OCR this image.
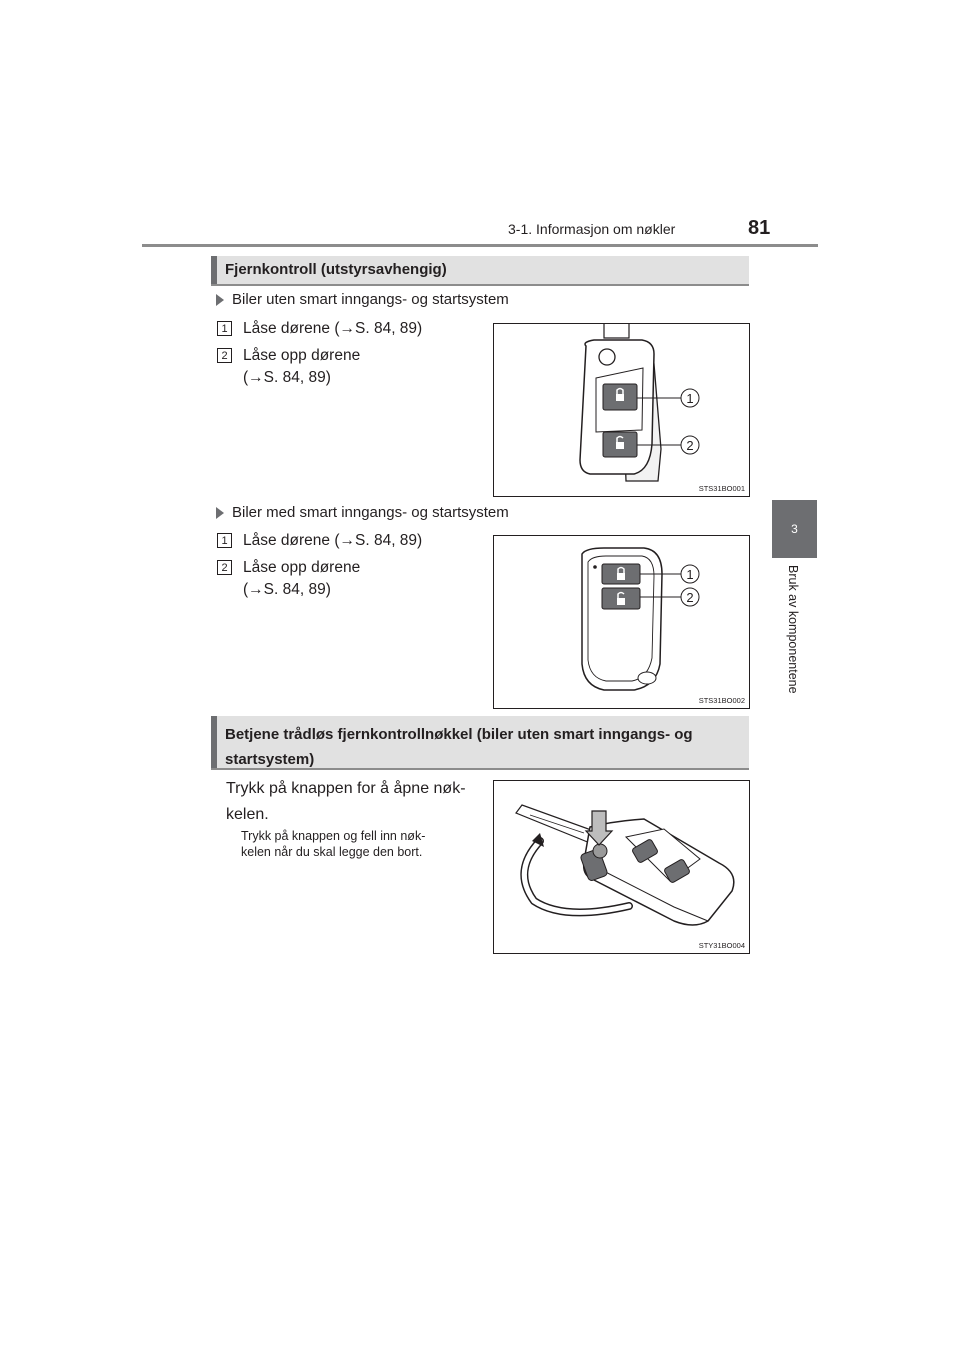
3-1. Informasjon om nøkler	81
3
Bruk av komponentene
Fjernkontroll (utstyrsavhengig)
Biler uten smart inngangs- og startsystem
1 Låse dørene (→S. 84, 89)
2 Låse opp dørene
(→S. 84, 89)
1
2
STS31BO001
Biler med smart inngangs- og startsystem
1 Låse dørene (→S. 84, 89)
2 Låse opp dørene
(→S. 84, 89)
1
2
STS31BO002
Betjene trådløs fjernkontrollnøkkel (biler uten smart inngangs- og startsystem)
Trykk på knappen for å åpne nøk-
kelen.
Trykk på knappen og fell inn nøk-
kelen når du skal legge den bort.
STY31BO004
